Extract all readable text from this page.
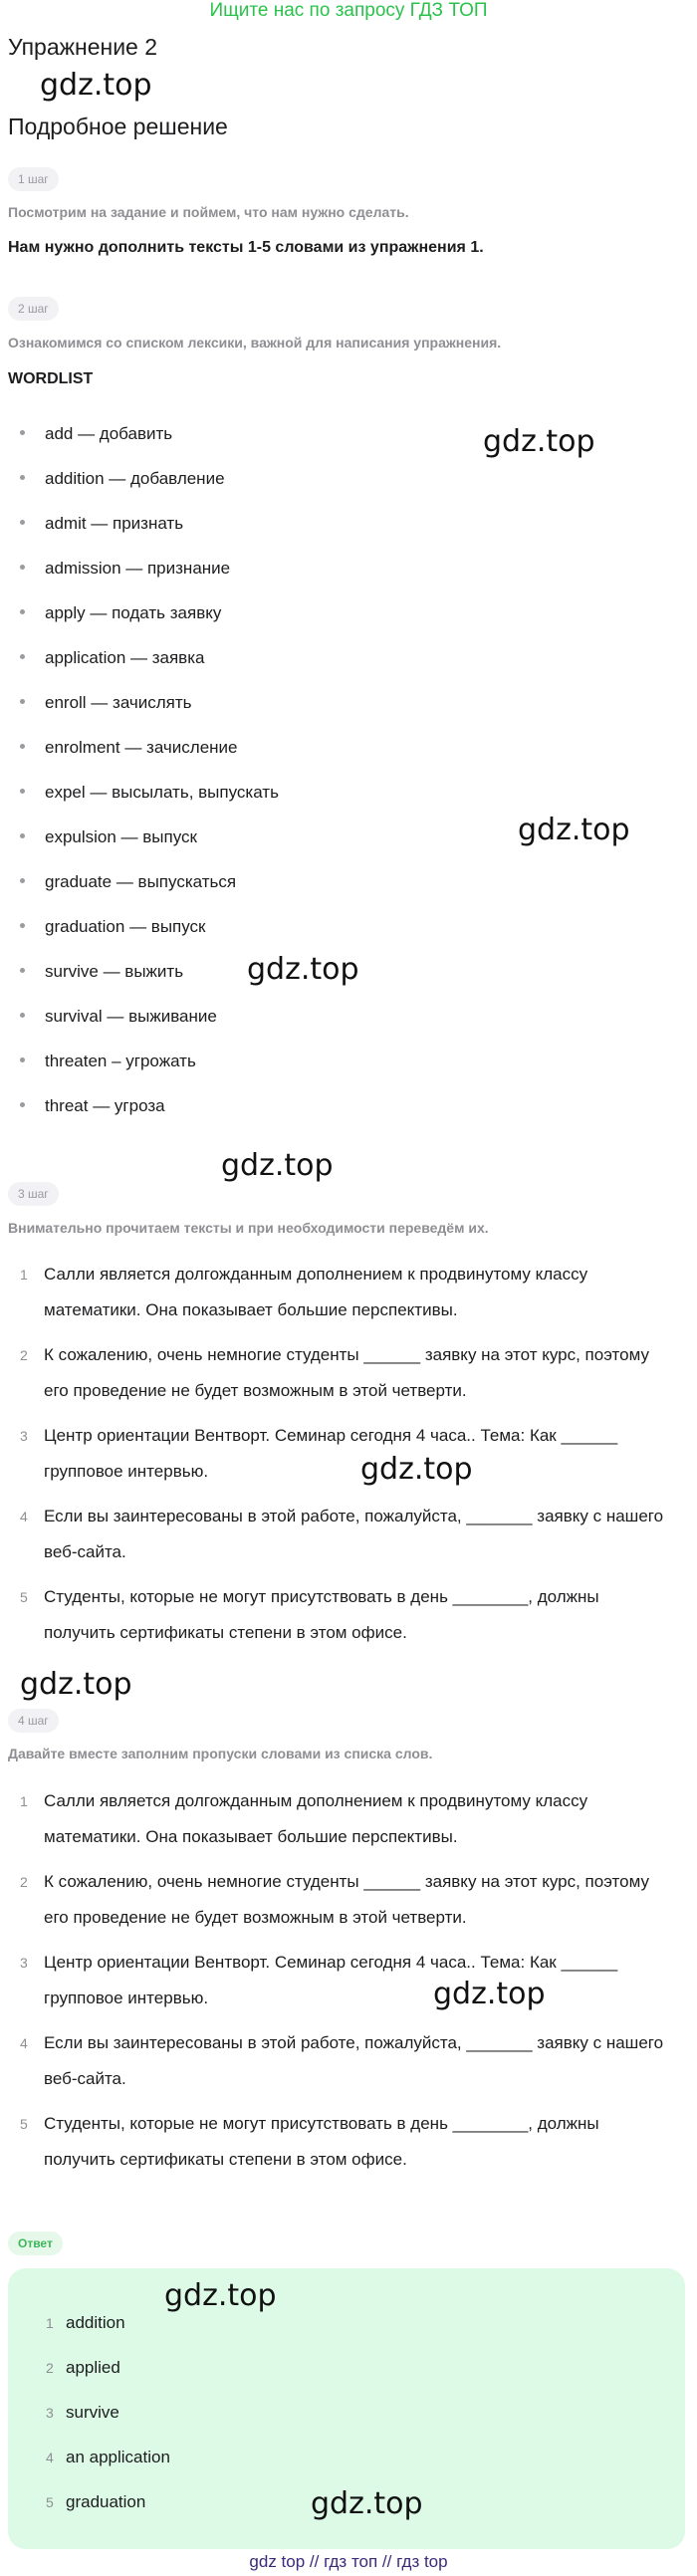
Ищите нас по запросу ГДЗ ТОП
Упражнение 2
gdz.top
Подробное решение
1 шаг
Посмотрим на задание и поймем, что нам нужно сделать.
Нам нужно дополнить тексты 1-5 словами из упражнения 1.
2 шаг
Ознакомимся со списком лексики, важной для написания упражнения.
WORDLIST
add — добавить
addition — добавление
admit — признать
admission — признание
apply — подать заявку
application — заявка
enroll — зачислять
enrolment — зачисление
expel — высылать, выпускать
expulsion — выпуск
graduate — выпускаться
graduation — выпуск
survive — выжить
survival — выживание
threaten – угрожать
threat — угроза
gdz.top
gdz.top
gdz.top
gdz.top
3 шаг
Внимательно прочитаем тексты и при необходимости переведём их.
1 Салли является долгожданным дополнением к продвинутому классу математики. Она показывает большие перспективы.
2 К сожалению, очень немногие студенты ______ заявку на этот курс, поэтому его проведение не будет возможным в этой четверти.
3 Центр ориентации Вентворт. Семинар сегодня 4 часа.. Тема: Как ______ групповое интервью.
4 Если вы заинтересованы в этой работе, пожалуйста, _______ заявку с нашего веб-сайта.
5 Студенты, которые не могут присутствовать в день ________, должны получить сертификаты степени в этом офисе.
gdz.top
gdz.top
4 шаг
Давайте вместе заполним пропуски словами из списка слов.
1 Салли является долгожданным дополнением к продвинутому классу математики. Она показывает большие перспективы.
2 К сожалению, очень немногие студенты ______ заявку на этот курс, поэтому его проведение не будет возможным в этой четверти.
3 Центр ориентации Вентворт. Семинар сегодня 4 часа.. Тема: Как ______ групповое интервью.
4 Если вы заинтересованы в этой работе, пожалуйста, _______ заявку с нашего веб-сайта.
5 Студенты, которые не могут присутствовать в день ________, должны получить сертификаты степени в этом офисе.
gdz.top
Ответ
1 addition
2 applied
3 survive
4 an application
5 graduation
gdz.top
gdz.top
gdz top // гдз топ // гдз top
